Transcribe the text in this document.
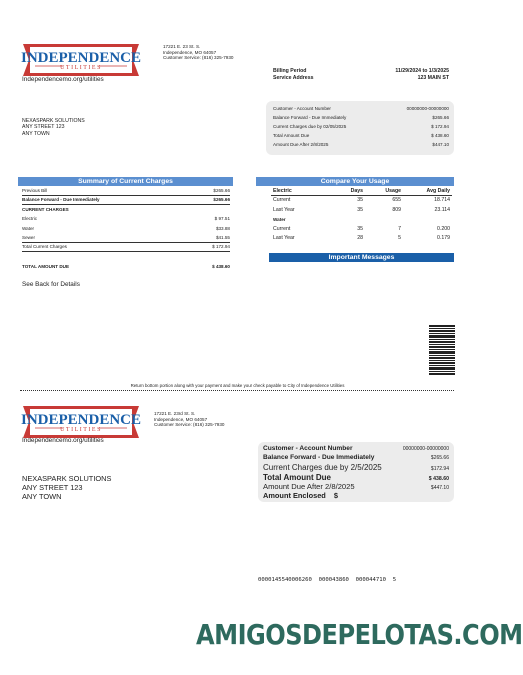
INDEPENDENCE
UTILITIES
17221 E. 23 St. S.
Independence, MO 64057
Customer Service: (816) 325-7930
Independencemo.org/utilities
Billing Period	11/29/2024 to 1/3/2025
Service Address	123 MAIN ST
NEXASPARK SOLUTIONS
ANY STREET 123
ANY TOWN
Customer - Account Number	00000000-00000000
Balance Forward - Due Immediately	$265.66
Current Charges due by 02/05/2025	$ 172.94
Total Amount Due	$ 438.60
Amount Due After 2/8/2025	$447.10
Summary of Current Charges
Previous Bill	$265.66
Balance Forward - Due Immediately	$265.66
CURRENT CHARGES
Electric	$ 97.51
Water	$33.88
Sewer	$41.55
Total Current Charges	$ 172.94
TOTAL AMOUNT DUE	$ 438.60
See Back for Details
Compare Your Usage
Electric	Days	Usage	Avg Daily
Current	35	655	18.714
Last Year	35	809	23.114
Water
Current	35	7	0.200
Last Year	28	5	0.179
Important Messages
Return bottom portion along with your payment and make your check payable to City of Independence Utilities
INDEPENDENCE
UTILITIES
17221 E. 23rd St. S.
Independence, MO 64057
Customer Service: (816) 325-7930
Independencemo.org/utilities
NEXASPARK SOLUTIONS
ANY STREET 123
ANY TOWN
Customer - Account Number	00000000-00000000
Balance Forward - Due Immediately	$265.66
Current Charges due by 2/5/2025	$172.94
Total Amount Due	$ 438.60
Amount Due After 2/8/2025	$447.10
Amount Enclosed $
0000145540006260  000043860  000044710  5
AMIGOSDEPELOTAS.COM
